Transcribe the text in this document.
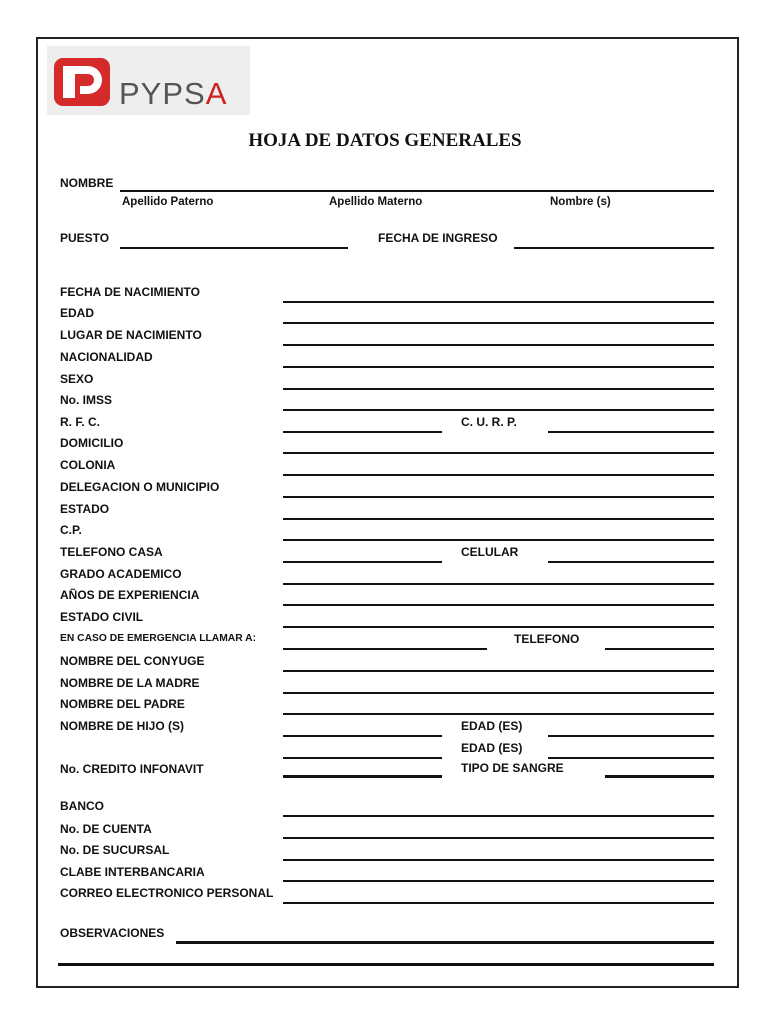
PYPSA
HOJA DE DATOS GENERALES
NOMBRE
Apellido Paterno	Apellido Materno	Nombre (s)
PUESTO	FECHA DE INGRESO
FECHA DE NACIMIENTO
EDAD
LUGAR DE NACIMIENTO
NACIONALIDAD
SEXO
No. IMSS
R. F. C.	C. U. R. P.
DOMICILIO
COLONIA
DELEGACION O MUNICIPIO
ESTADO
C.P.
TELEFONO CASA	CELULAR
GRADO ACADEMICO
AÑOS DE EXPERIENCIA
ESTADO CIVIL
EN CASO DE EMERGENCIA LLAMAR A:	TELEFONO
NOMBRE DEL CONYUGE
NOMBRE DE LA MADRE
NOMBRE DEL PADRE
NOMBRE DE HIJO (S)	EDAD (ES)
EDAD (ES)
No. CREDITO INFONAVIT	TIPO DE SANGRE
BANCO
No. DE CUENTA
No. DE SUCURSAL
CLABE INTERBANCARIA
CORREO ELECTRONICO PERSONAL
OBSERVACIONES
